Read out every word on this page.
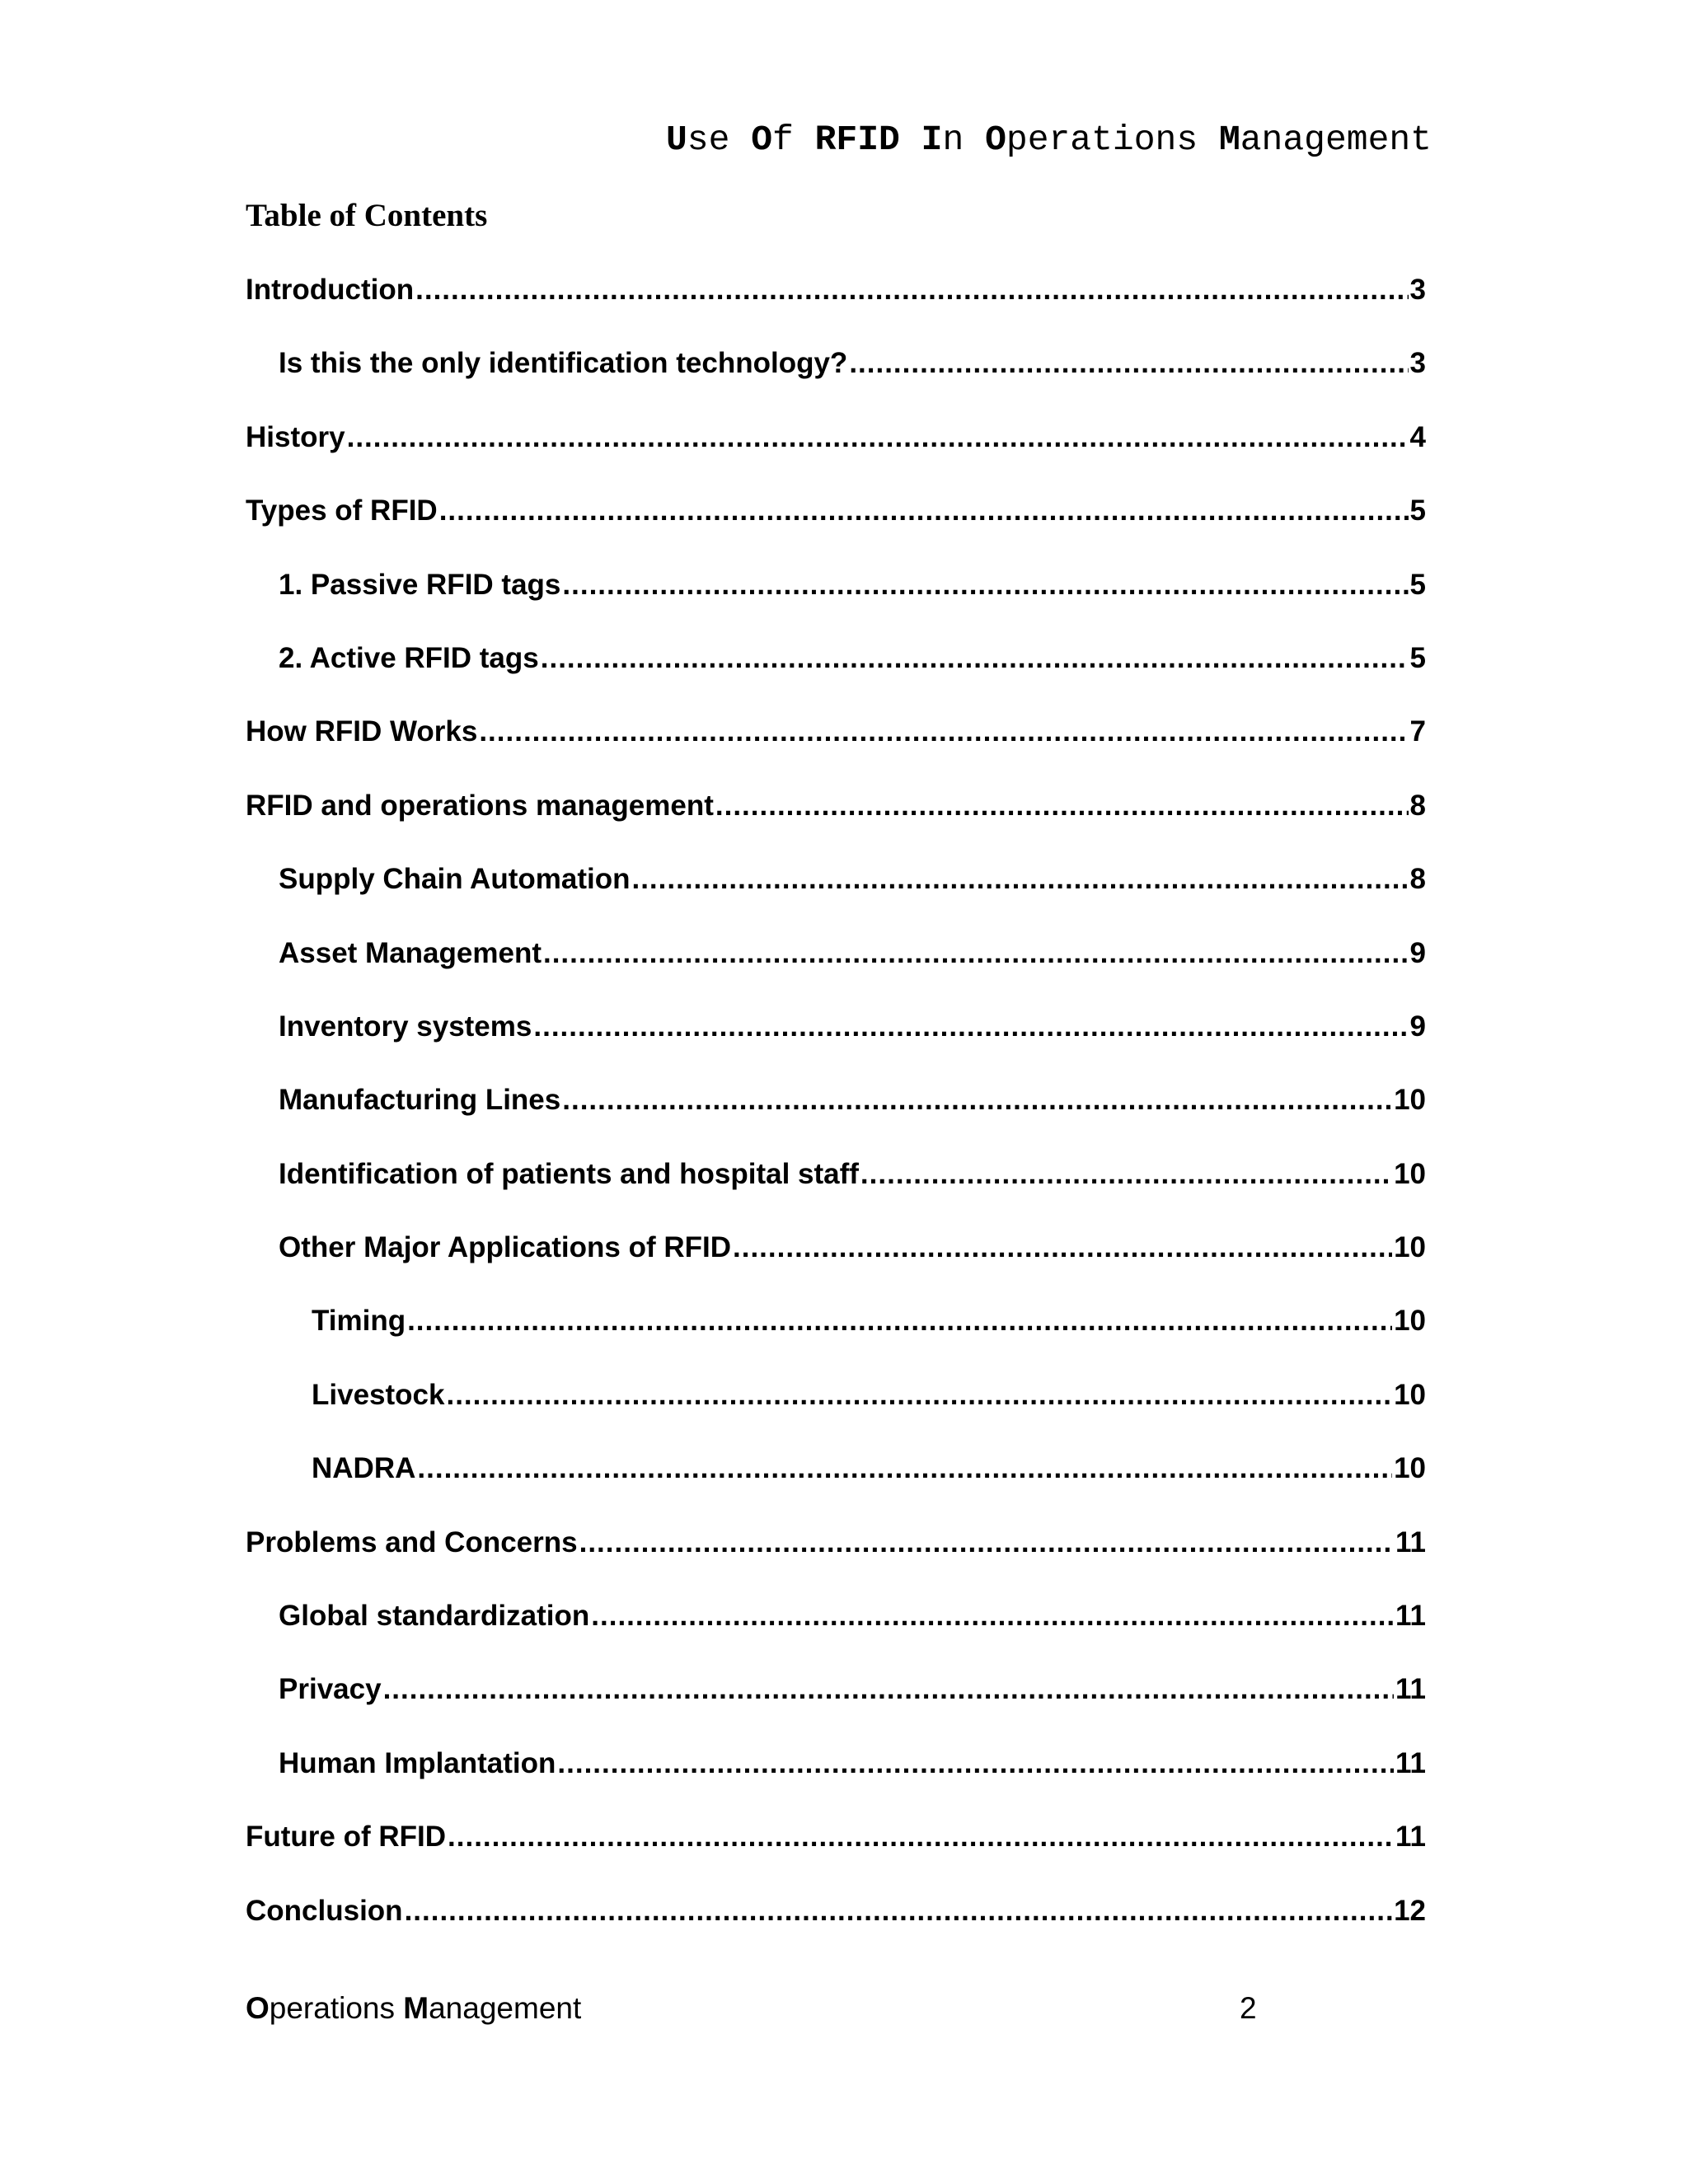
Use Of RFID In Operations Management
Table of Contents
Introduction .....	3
Is this the only identification technology? .....	3
History .....	4
Types of RFID .....	5
1. Passive RFID tags .....	5
2. Active RFID tags .....	5
How RFID Works .....	7
RFID and operations management .....	8
Supply Chain Automation .....	8
Asset Management .....	9
Inventory systems .....	9
Manufacturing Lines .....	10
Identification of patients and hospital staff .....	10
Other Major Applications of RFID .....	10
Timing .....	10
Livestock .....	10
NADRA .....	10
Problems and Concerns .....	11
Global standardization .....	11
Privacy .....	11
Human Implantation .....	11
Future of RFID .....	11
Conclusion .....	12
Operations Management	2
